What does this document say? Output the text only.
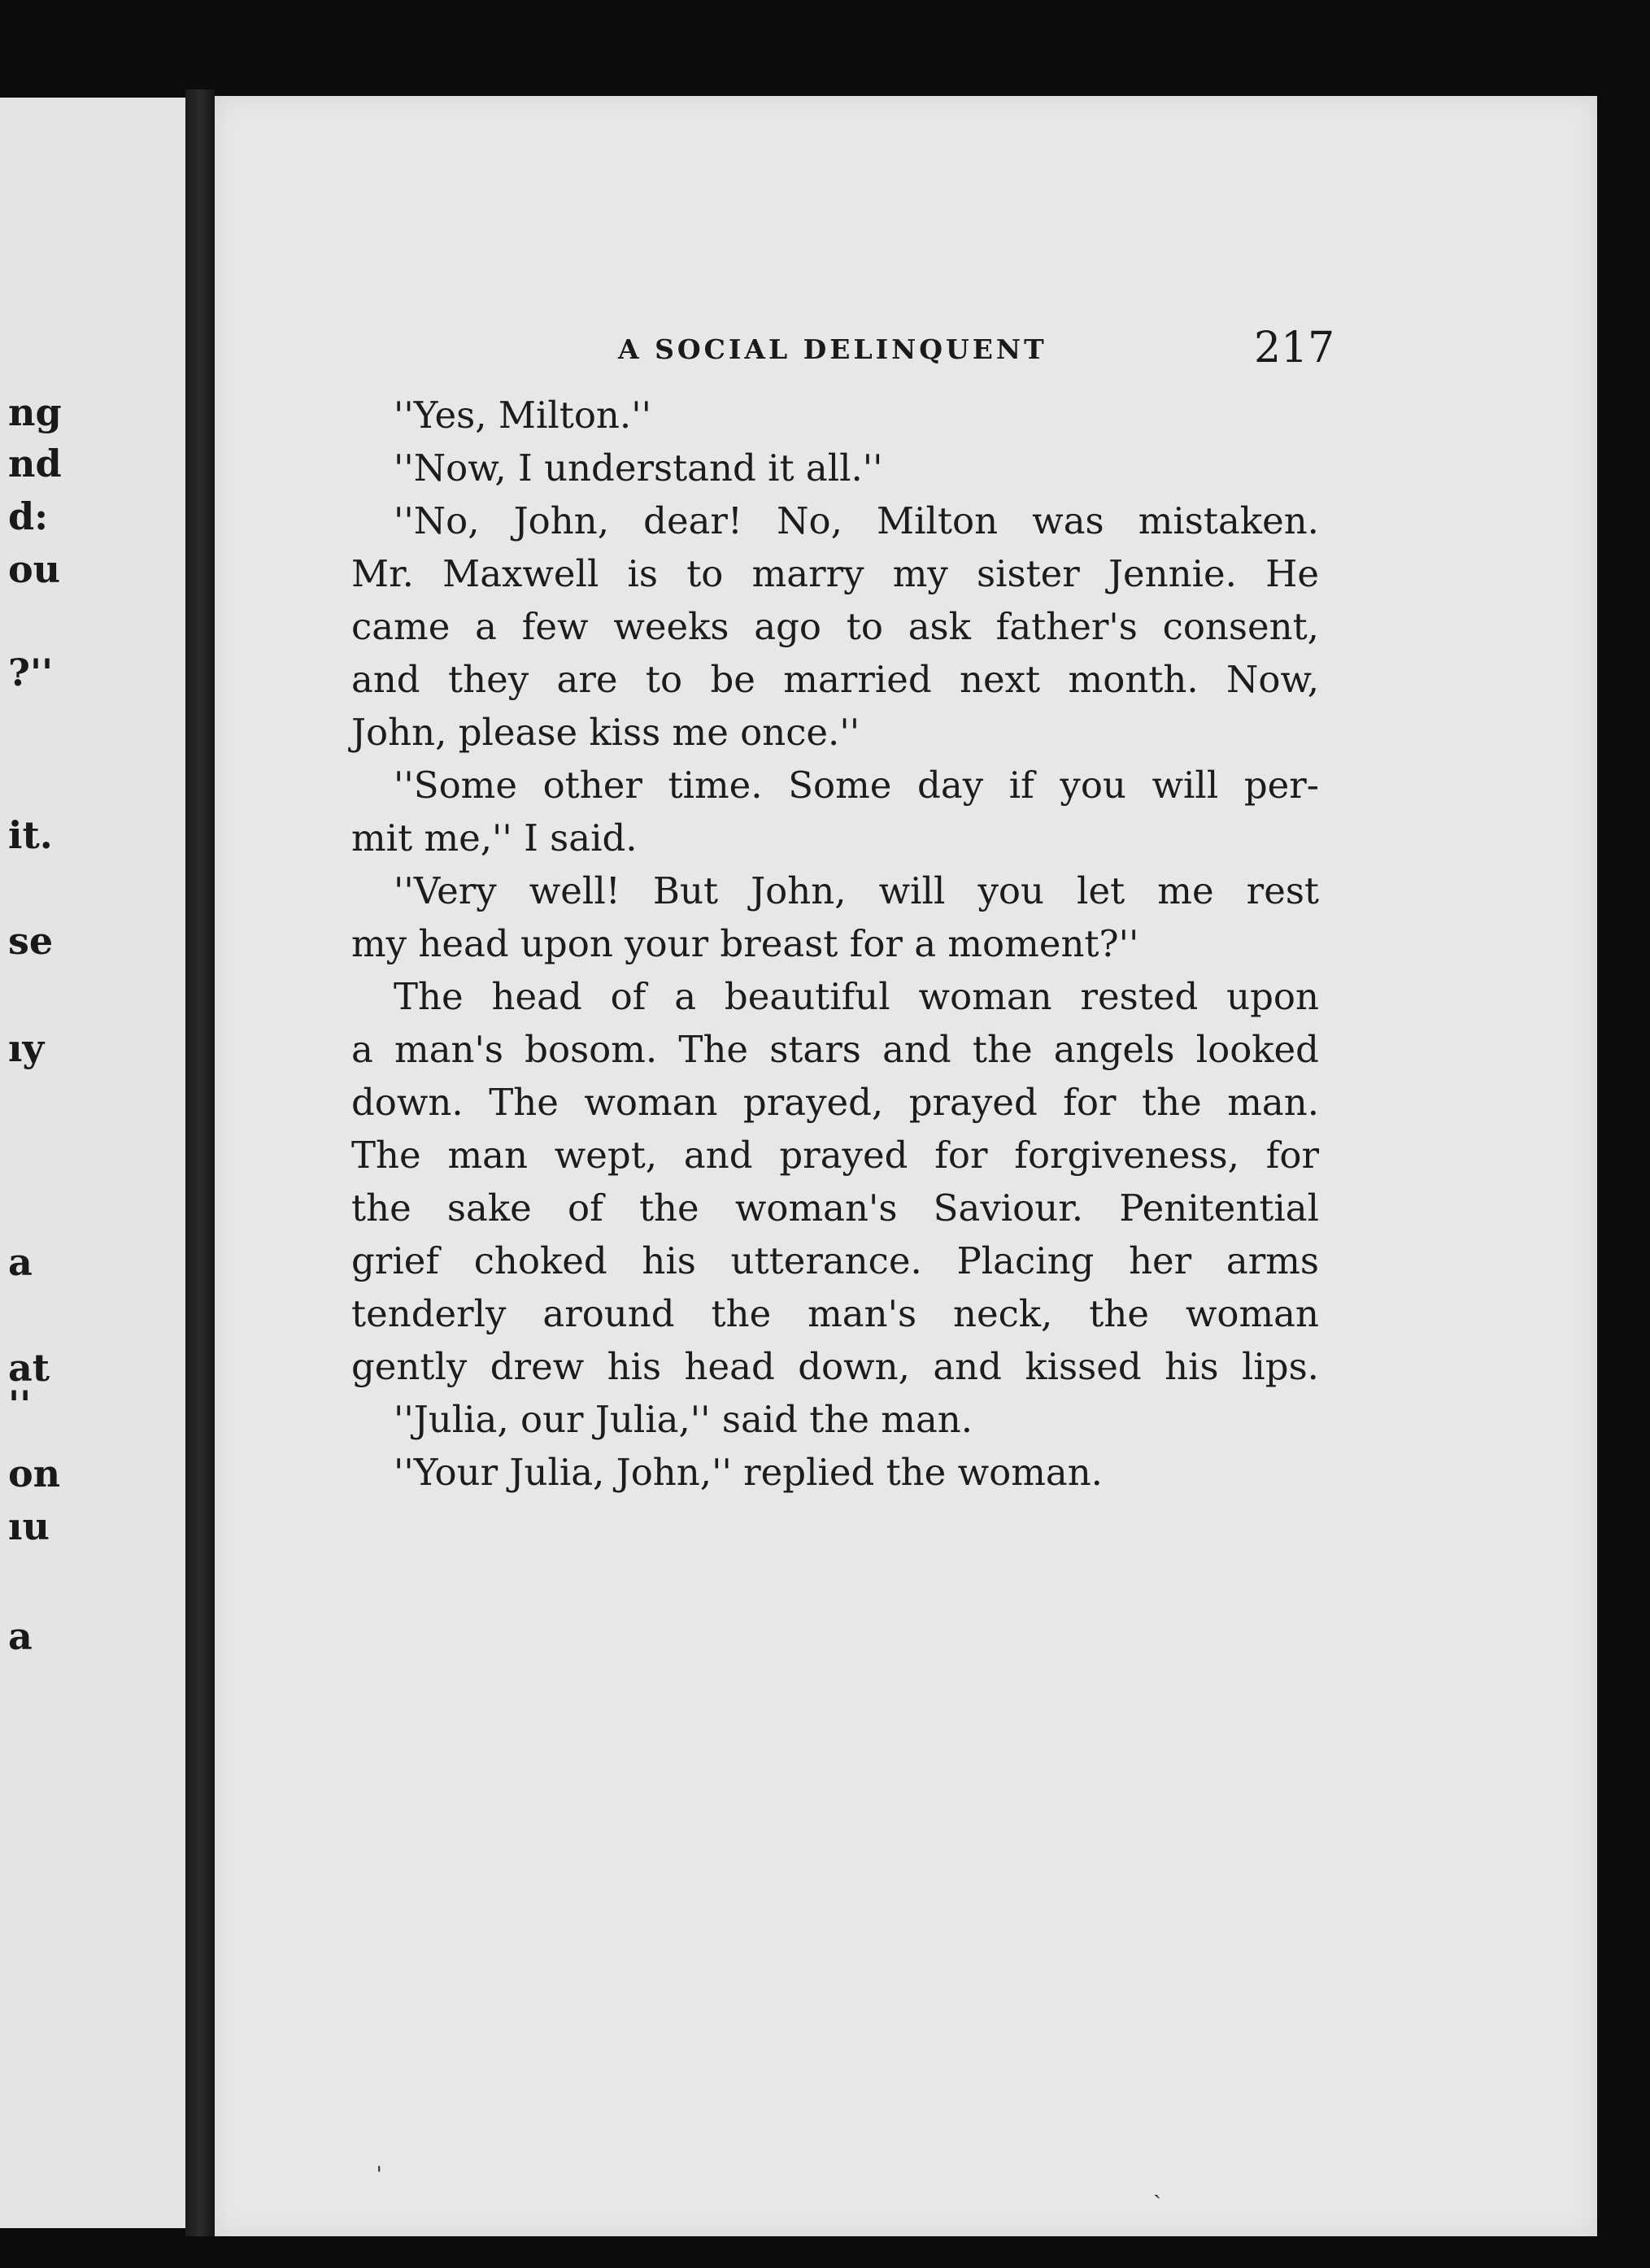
ng
nd
d:
ou
?''
it.
se
ıy
a
at
''
on
ıu
a
A SOCIAL DELINQUENT	217
''Yes, Milton.''
''Now, I understand it all.''
''No, John, dear! No, Milton was mistaken.
Mr. Maxwell is to marry my sister Jennie. He
came a few weeks ago to ask father's consent,
and they are to be married next month. Now,
John, please kiss me once.''
''Some other time. Some day if you will per-
mit me,'' I said.
''Very well! But John, will you let me rest
my head upon your breast for a moment?''
The head of a beautiful woman rested upon
a man's bosom. The stars and the angels looked
down. The woman prayed, prayed for the man.
The man wept, and prayed for forgiveness, for
the sake of the woman's Saviour. Penitential
grief choked his utterance. Placing her arms
tenderly around the man's neck, the woman
gently drew his head down, and kissed his lips.
''Julia, our Julia,'' said the man.
''Your Julia, John,'' replied the woman.
ˌ
ˎ
